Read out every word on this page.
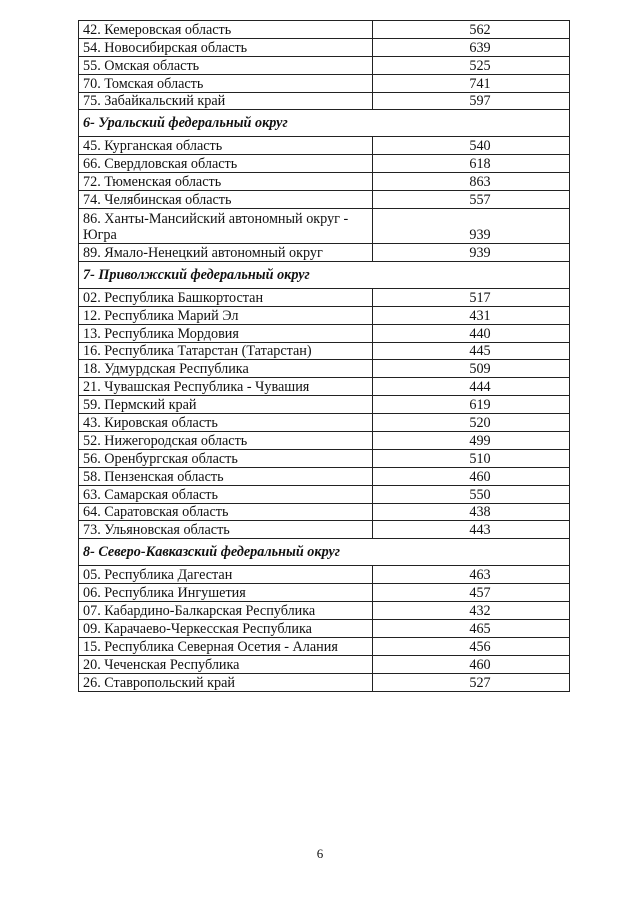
42. Кемеровская область	562
54. Новосибирская область	639
55. Омская область	525
70. Томская область	741
75. Забайкальский край	597
6- Уральский федеральный округ	
45. Курганская область	540
66. Свердловская область	618
72. Тюменская область	863
74. Челябинская область	557
86. Ханты-Мансийский автономный округ - Югра	939
89. Ямало-Ненецкий автономный округ	939
7- Приволжский федеральный округ	
02. Республика Башкортостан	517
12. Республика Марий Эл	431
13. Республика Мордовия	440
16. Республика Татарстан (Татарстан)	445
18. Удмурдская Республика	509
21. Чувашская Республика - Чувашия	444
59. Пермский край	619
43. Кировская область	520
52. Нижегородская область	499
56. Оренбургская область	510
58. Пензенская область	460
63. Самарская область	550
64. Саратовская область	438
73. Ульяновская область	443
8- Северо-Кавказский федеральный округ	
05. Республика Дагестан	463
06. Республика Ингушетия	457
07. Кабардино-Балкарская Республика	432
09. Карачаево-Черкесская Республика	465
15. Республика Северная Осетия - Алания	456
20. Чеченская Республика	460
26. Ставропольский край	527
6
